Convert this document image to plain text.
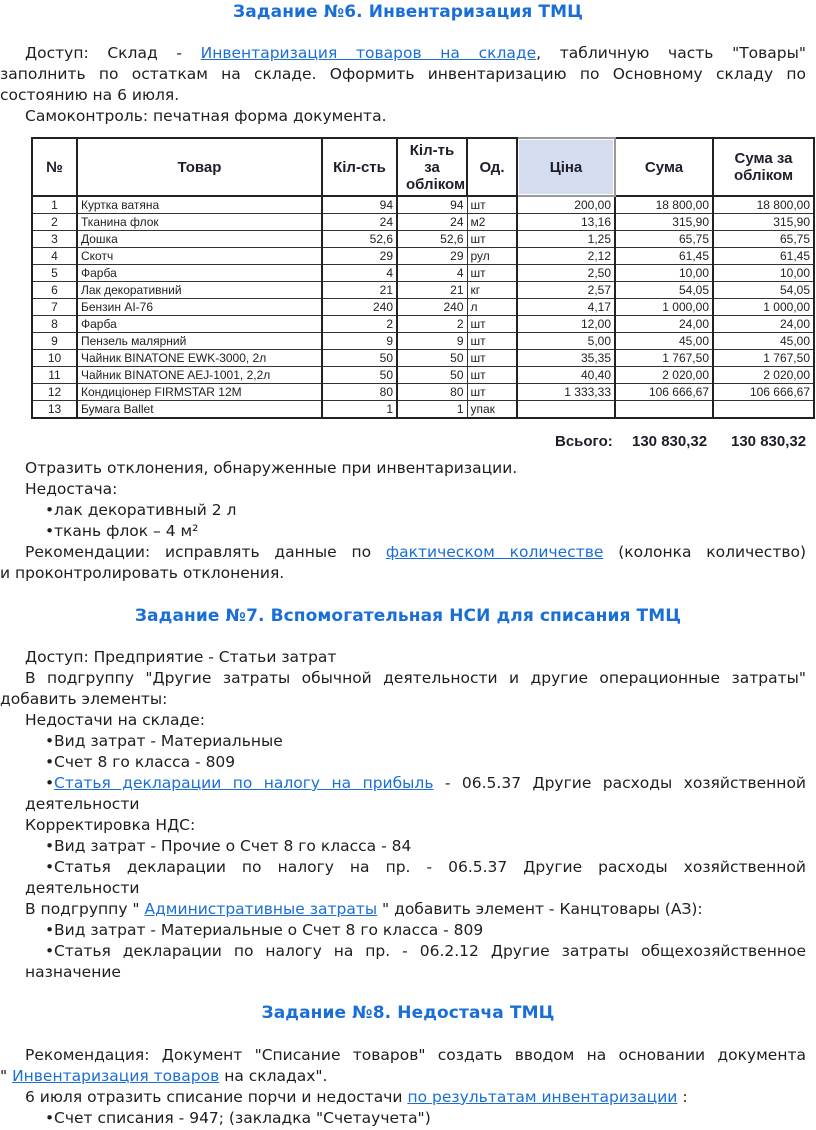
Задание №6. Инвентаризация ТМЦ
Доступ: Склад - Инвентаризация товаров на складе, табличную часть "Товары"
заполнить по остаткам на складе. Оформить инвентаризацию по Основному складу по
состоянию на 6 июля.
Самоконтроль: печатная форма документа.
№	Товар	Кіл-сть	Кіл-ть за обліком	Од.	Ціна	Сума	Сума за обліком
1	Куртка ватяна	94	94	шт	200,00	18 800,00	18 800,00
2	Тканина флок	24	24	м2	13,16	315,90	315,90
3	Дошка	52,6	52,6	шт	1,25	65,75	65,75
4	Скотч	29	29	рул	2,12	61,45	61,45
5	Фарба	4	4	шт	2,50	10,00	10,00
6	Лак декоративний	21	21	кг	2,57	54,05	54,05
7	Бензин АІ-76	240	240	л	4,17	1 000,00	1 000,00
8	Фарба	2	2	шт	12,00	24,00	24,00
9	Пензель малярний	9	9	шт	5,00	45,00	45,00
10	Чайник BINATONE EWK-3000, 2л	50	50	шт	35,35	1 767,50	1 767,50
11	Чайник BINATONE AEJ-1001, 2,2л	50	50	шт	40,40	2 020,00	2 020,00
12	Кондиціонер FIRMSTAR 12M	80	80	шт	1 333,33	106 666,67	106 666,67
13	Бумага Ballet	1	1	упак			
Всього: 130 830,32 130 830,32
Отразить отклонения, обнаруженные при инвентаризации.
Недостача:
•лак декоративный 2 л
•ткань флок – 4 м²
Рекомендации: исправлять данные по фактическом количестве (колонка количество)
и проконтролировать отклонения.
Задание №7. Вспомогательная НСИ для списания ТМЦ
Доступ: Предприятие - Статьи затрат
В подгруппу "Другие затраты обычной деятельности и другие операционные затраты"
добавить элементы:
Недостачи на складе:
•Вид затрат - Материальные
•Счет 8 го класса - 809
•Статья декларации по налогу на прибыль - 06.5.37 Другие расходы хозяйственной
деятельности
Корректировка НДС:
•Вид затрат - Прочие о Счет 8 го класса - 84
•Статья декларации по налогу на пр. - 06.5.37 Другие расходы хозяйственной
деятельности
В подгруппу " Административные затраты " добавить элемент - Канцтовары (АЗ):
•Вид затрат - Материальные о Счет 8 го класса - 809
•Статья декларации по налогу на пр. - 06.2.12 Другие затраты общехозяйственное
назначение
Задание №8. Недостача ТМЦ
Рекомендация: Документ "Списание товаров" создать вводом на основании документа
" Инвентаризация товаров на складах".
6 июля отразить списание порчи и недостачи по результатам инвентаризации :
•Счет списания - 947; (закладка "Счетаучета")
